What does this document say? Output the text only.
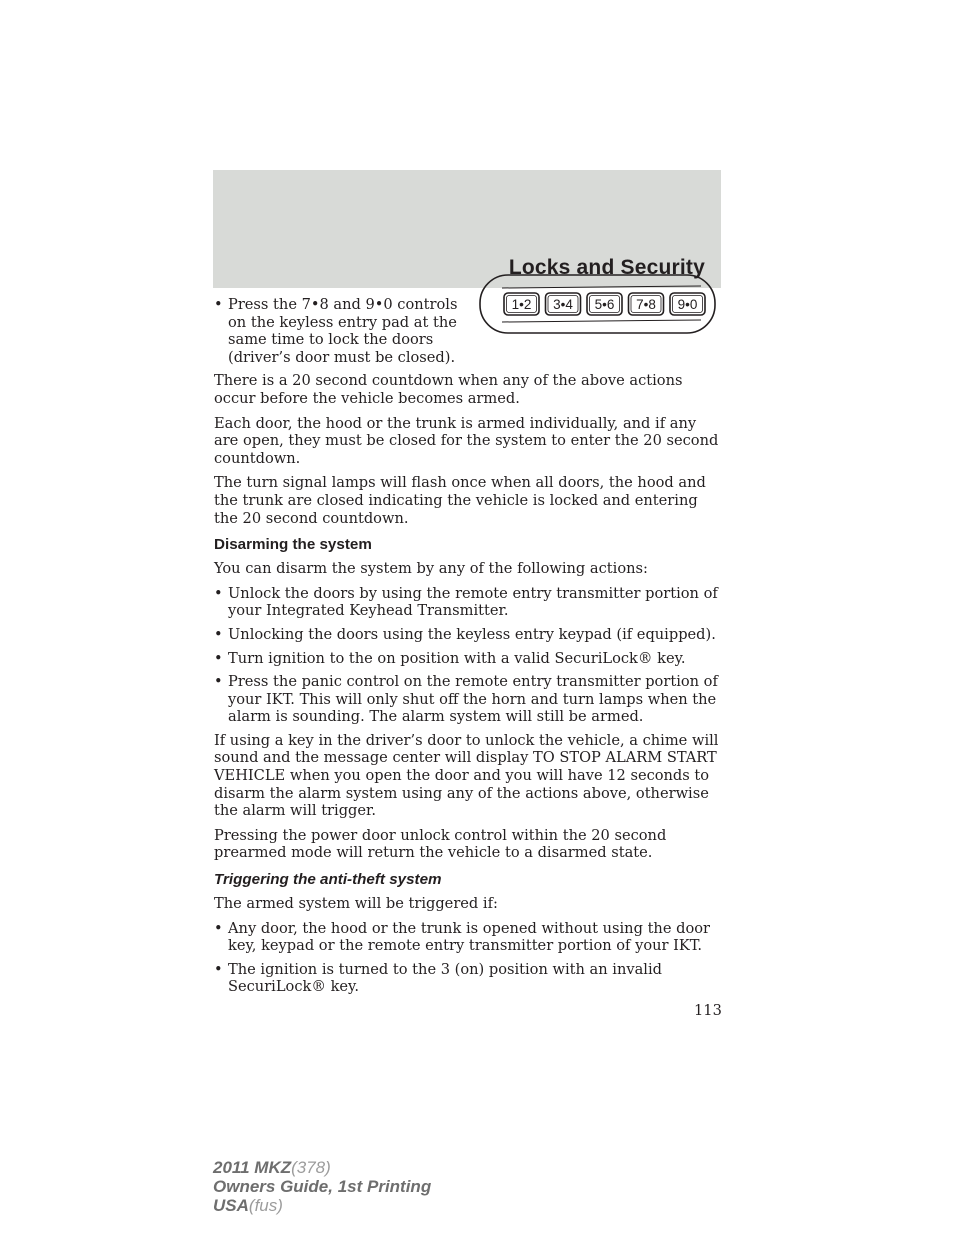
Locks and Security
1•2 3•4 5•6 7•8 9•0
• Press the 7•8 and 9•0 controls on the keyless entry pad at the same time to lock the doors (driver’s door must be closed).

There is a 20 second countdown when any of the above actions occur before the vehicle becomes armed.

Each door, the hood or the trunk is armed individually, and if any are open, they must be closed for the system to enter the 20 second countdown.

The turn signal lamps will flash once when all doors, the hood and the trunk are closed indicating the vehicle is locked and entering the 20 second countdown.

Disarming the system

You can disarm the system by any of the following actions:

• Unlock the doors by using the remote entry transmitter portion of your Integrated Keyhead Transmitter.
• Unlocking the doors using the keyless entry keypad (if equipped).
• Turn ignition to the on position with a valid SecuriLock® key.
• Press the panic control on the remote entry transmitter portion of your IKT. This will only shut off the horn and turn lamps when the alarm is sounding. The alarm system will still be armed.

If using a key in the driver’s door to unlock the vehicle, a chime will sound and the message center will display TO STOP ALARM START VEHICLE when you open the door and you will have 12 seconds to disarm the alarm system using any of the actions above, otherwise the alarm will trigger.

Pressing the power door unlock control within the 20 second prearmed mode will return the vehicle to a disarmed state.

Triggering the anti-theft system

The armed system will be triggered if:

• Any door, the hood or the trunk is opened without using the door key, keypad or the remote entry transmitter portion of your IKT.
• The ignition is turned to the 3 (on) position with an invalid SecuriLock® key.
113
2011 MKZ(378)
Owners Guide, 1st Printing
USA(fus)
